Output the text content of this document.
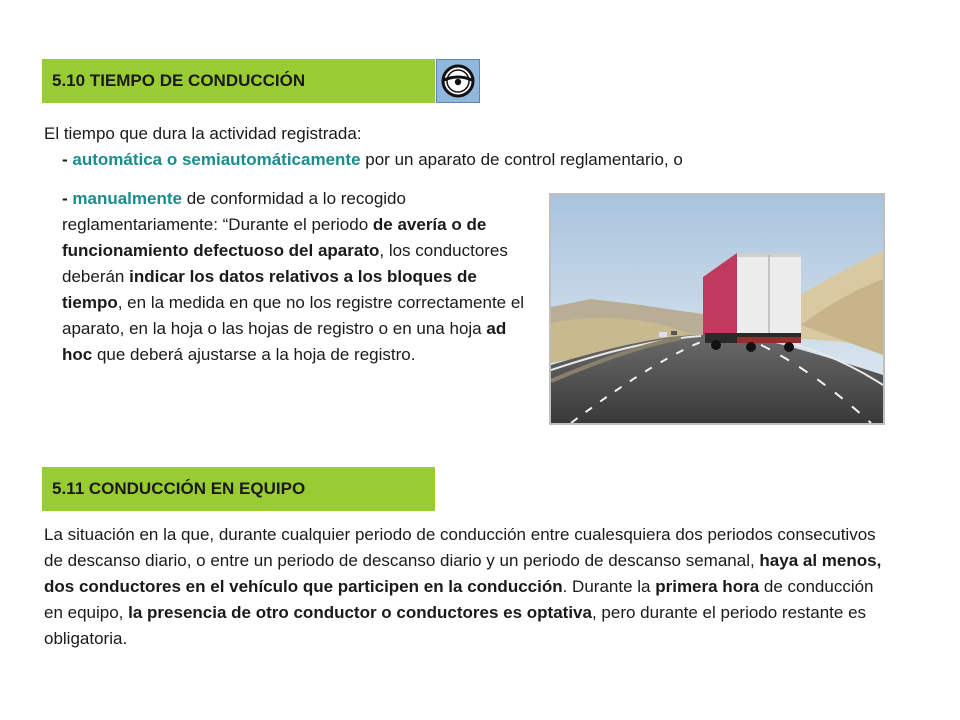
5.10 TIEMPO DE CONDUCCIÓN
El tiempo que dura la actividad registrada:
- automática o semiautomáticamente por un aparato de control reglamentario, o
- manualmente de conformidad a lo recogido reglamentariamente: “Durante el periodo de avería o de funcionamiento defectuoso del aparato, los conductores deberán indicar los datos relativos a los bloques de tiempo, en la medida en que no los registre correctamente el aparato, en la hoja o las hojas de registro o en una hoja ad hoc que deberá ajustarse a la hoja de registro.
5.11 CONDUCCIÓN EN EQUIPO
La situación en la que, durante cualquier periodo de conducción entre cualesquiera dos periodos consecutivos de descanso diario, o entre un periodo de descanso diario y un periodo de descanso semanal, haya al menos, dos conductores en el vehículo que participen en la conducción. Durante la primera hora de conducción en equipo, la presencia de otro conductor o conductores es optativa, pero durante el periodo restante es obligatoria.
